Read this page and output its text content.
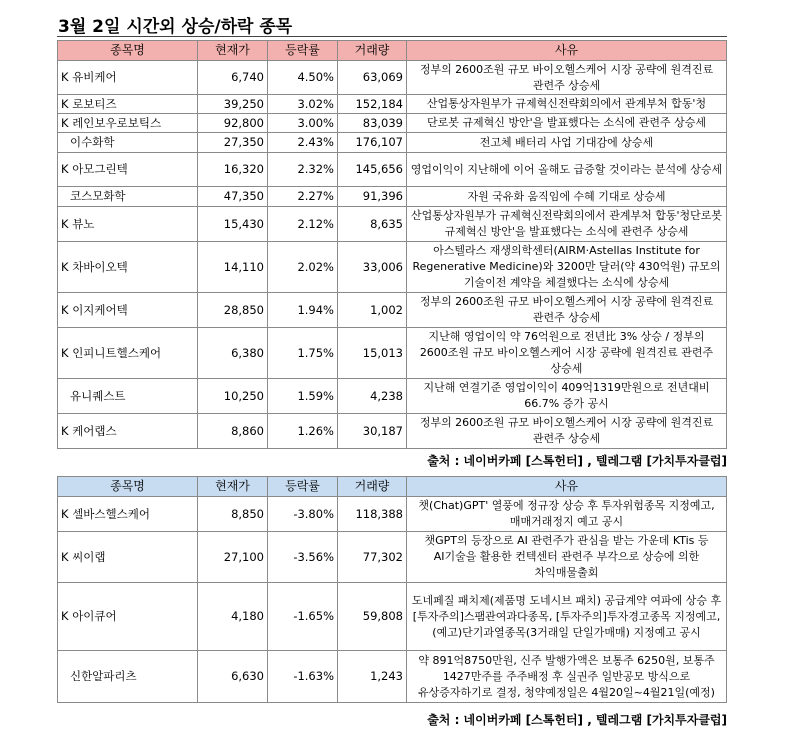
3월 2일 시간외 상승/하락 종목
종목명	현재가	등락률	거래량	사유
K 유비케어	6,740	4.50%	63,069	정부의 2600조원 규모 바이오헬스케어 시장 공략에 원격진료 관련주 상승세
K 로보티즈	39,250	3.02%	152,184	산업통상자원부가 규제혁신전략회의에서 관계부처 합동'청
K 레인보우로보틱스	92,800	3.00%	83,039	단로봇 규제혁신 방안'을 발표했다는 소식에 관련주 상승세
이수화학	27,350	2.43%	176,107	전고체 배터리 사업 기대감에 상승세
K 아모그린텍	16,320	2.32%	145,656	영업이익이 지난해에 이어 올해도 급증할 것이라는 분석에 상승세
코스모화학	47,350	2.27%	91,396	자원 국유화 움직임에 수혜 기대로 상승세
K 뷰노	15,430	2.12%	8,635	산업통상자원부가 규제혁신전략회의에서 관계부처 합동'청단로봇 규제혁신 방안'을 발표했다는 소식에 관련주 상승세
K 차바이오텍	14,110	2.02%	33,006	아스텔라스 재생의학센터(AIRM·Astellas Institute for Regenerative Medicine)와 3200만 달러(약 430억원) 규모의 기술이전 계약을 체결했다는 소식에 상승세
K 이지케어텍	28,850	1.94%	1,002	정부의 2600조원 규모 바이오헬스케어 시장 공략에 원격진료 관련주 상승세
K 인피니트헬스케어	6,380	1.75%	15,013	지난해 영업이익 약 76억원으로 전년比 3% 상승 / 정부의 2600조원 규모 바이오헬스케어 시장 공략에 원격진료 관련주 상승세
유니퀘스트	10,250	1.59%	4,238	지난해 연결기준 영업이익이 409억1319만원으로 전년대비 66.7% 증가 공시
K 케어랩스	8,860	1.26%	30,187	정부의 2600조원 규모 바이오헬스케어 시장 공략에 원격진료 관련주 상승세
출처 : 네이버카페 [스톡헌터] , 텔레그램 [가치투자클럽]
종목명	현재가	등락률	거래량	사유
K 셀바스헬스케어	8,850	-3.80%	118,388	챗(Chat)GPT' 열풍에 정규장 상승 후 투자위험종목 지정예고, 매매거래정지 예고 공시
K 씨이랩	27,100	-3.56%	77,302	챗GPT의 등장으로 AI 관련주가 관심을 받는 가운데 KTis 등 AI기술을 활용한 컨텍센터 관련주 부각으로 상승에 의한 차익매물출회
K 아이큐어	4,180	-1.65%	59,808	도네페질 패치제(제품명 도네시브 패치) 공급계약 여파에 상승 후 [투자주의]스팸관여과다종목, [투자주의]투자경고종목 지정예고, (예고)단기과열종목(3거래일 단일가매매) 지정예고 공시
신한알파리츠	6,630	-1.63%	1,243	약 891억8750만원, 신주 발행가액은 보통주 6250원, 보통주 1427만주를 주주배정 후 실권주 일반공모 방식으로 유상증자하기로 결정, 청약예정일은 4월20일~4월21일(예정)
출처 : 네이버카페 [스톡헌터] , 텔레그램 [가치투자클럽]
